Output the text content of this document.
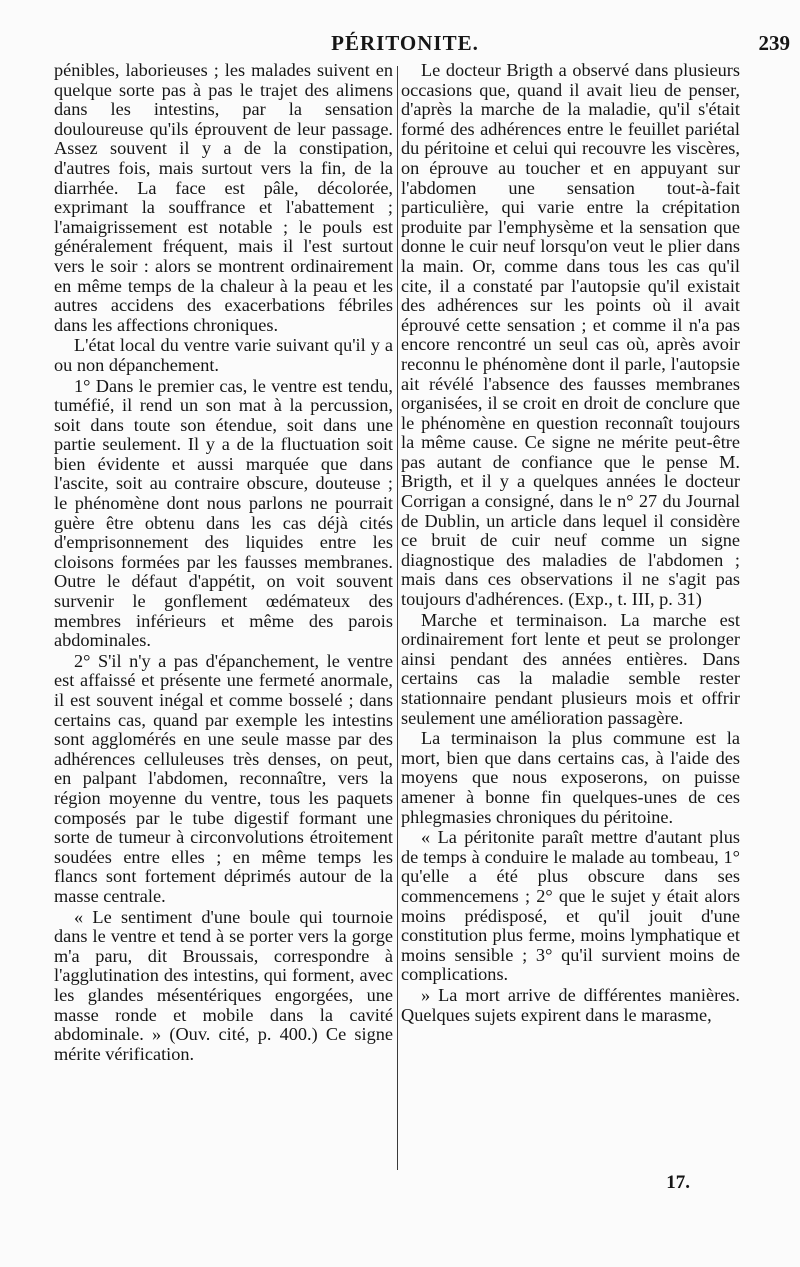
PÉRITONITE.	239

pénibles, laborieuses ; les malades suivent en quelque sorte pas à pas le trajet des alimens dans les intestins, par la sensation douloureuse qu'ils éprouvent de leur passage. Assez souvent il y a de la constipation, d'autres fois, mais surtout vers la fin, de la diarrhée. La face est pâle, décolorée, exprimant la souffrance et l'abattement ; l'amaigrissement est notable ; le pouls est généralement fréquent, mais il l'est surtout vers le soir : alors se montrent ordinairement en même temps de la chaleur à la peau et les autres accidens des exacerbations fébriles dans les affections chroniques.

L'état local du ventre varie suivant qu'il y a ou non dépanchement.

1° Dans le premier cas, le ventre est tendu, tuméfié, il rend un son mat à la percussion, soit dans toute son étendue, soit dans une partie seulement. Il y a de la fluctuation soit bien évidente et aussi marquée que dans l'ascite, soit au contraire obscure, douteuse ; le phénomène dont nous parlons ne pourrait guère être obtenu dans les cas déjà cités d'emprisonnement des liquides entre les cloisons formées par les fausses membranes. Outre le défaut d'appétit, on voit souvent survenir le gonflement œdémateux des membres inférieurs et même des parois abdominales.

2° S'il n'y a pas d'épanchement, le ventre est affaissé et présente une fermeté anormale, il est souvent inégal et comme bosselé ; dans certains cas, quand par exemple les intestins sont agglomérés en une seule masse par des adhérences celluleuses très denses, on peut, en palpant l'abdomen, reconnaître, vers la région moyenne du ventre, tous les paquets composés par le tube digestif formant une sorte de tumeur à circonvolutions étroitement soudées entre elles ; en même temps les flancs sont fortement déprimés autour de la masse centrale.

« Le sentiment d'une boule qui tournoie dans le ventre et tend à se porter vers la gorge m'a paru, dit Broussais, correspondre à l'agglutination des intestins, qui forment, avec les glandes mésentériques engorgées, une masse ronde et mobile dans la cavité abdominale. » (Ouv. cité, p. 400.) Ce signe mérite vérification.

Le docteur Brigth a observé dans plusieurs occasions que, quand il avait lieu de penser, d'après la marche de la maladie, qu'il s'était formé des adhérences entre le feuillet pariétal du péritoine et celui qui recouvre les viscères, on éprouve au toucher et en appuyant sur l'abdomen une sensation tout-à-fait particulière, qui varie entre la crépitation produite par l'emphysème et la sensation que donne le cuir neuf lorsqu'on veut le plier dans la main. Or, comme dans tous les cas qu'il cite, il a constaté par l'autopsie qu'il existait des adhérences sur les points où il avait éprouvé cette sensation ; et comme il n'a pas encore rencontré un seul cas où, après avoir reconnu le phénomène dont il parle, l'autopsie ait révélé l'absence des fausses membranes organisées, il se croit en droit de conclure que le phénomène en question reconnaît toujours la même cause. Ce signe ne mérite peut-être pas autant de confiance que le pense M. Brigth, et il y a quelques années le docteur Corrigan a consigné, dans le n° 27 du Journal de Dublin, un article dans lequel il considère ce bruit de cuir neuf comme un signe diagnostique des maladies de l'abdomen ; mais dans ces observations il ne s'agit pas toujours d'adhérences. (Exp., t. III, p. 31)

Marche et terminaison. La marche est ordinairement fort lente et peut se prolonger ainsi pendant des années entières. Dans certains cas la maladie semble rester stationnaire pendant plusieurs mois et offrir seulement une amélioration passagère.

La terminaison la plus commune est la mort, bien que dans certains cas, à l'aide des moyens que nous exposerons, on puisse amener à bonne fin quelques-unes de ces phlegmasies chroniques du péritoine.

« La péritonite paraît mettre d'autant plus de temps à conduire le malade au tombeau, 1° qu'elle a été plus obscure dans ses commencemens ; 2° que le sujet y était alors moins prédisposé, et qu'il jouit d'une constitution plus ferme, moins lymphatique et moins sensible ; 3° qu'il survient moins de complications.

» La mort arrive de différentes manières. Quelques sujets expirent dans le marasme,

17.
